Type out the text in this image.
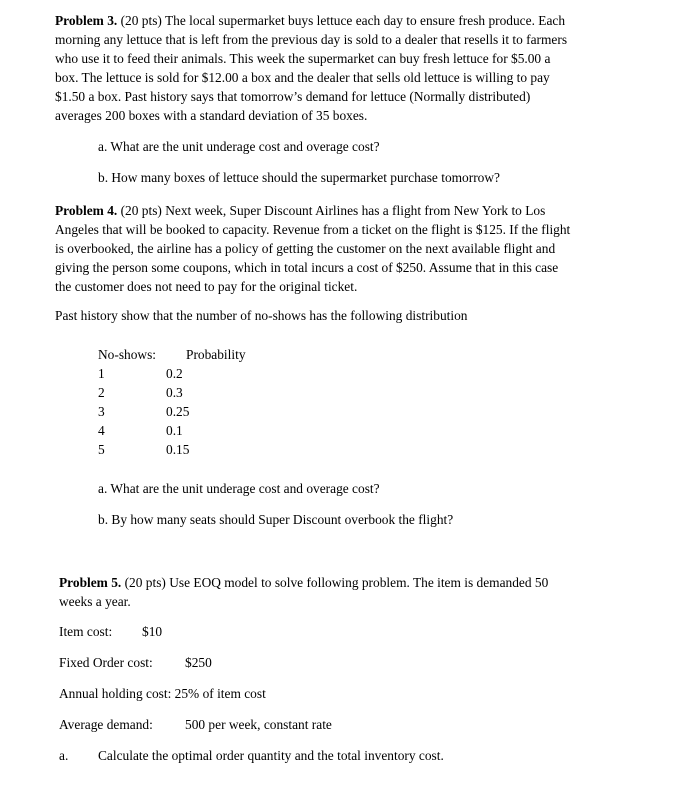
Problem 3. (20 pts) The local supermarket buys lettuce each day to ensure fresh produce. Each
morning any lettuce that is left from the previous day is sold to a dealer that resells it to farmers
who use it to feed their animals. This week the supermarket can buy fresh lettuce for $5.00 a
box. The lettuce is sold for $12.00 a box and the dealer that sells old lettuce is willing to pay
$1.50 a box. Past history says that tomorrow’s demand for lettuce (Normally distributed)
averages 200 boxes with a standard deviation of 35 boxes.
a. What are the unit underage cost and overage cost?
b. How many boxes of lettuce should the supermarket purchase tomorrow?
Problem 4. (20 pts) Next week, Super Discount Airlines has a flight from New York to Los
Angeles that will be booked to capacity. Revenue from a ticket on the flight is $125. If the flight
is overbooked, the airline has a policy of getting the customer on the next available flight and
giving the person some coupons, which in total incurs a cost of $250. Assume that in this case
the customer does not need to pay for the original ticket.
Past history show that the number of no-shows has the following distribution
No-shows: Probability
1	0.2
2	0.3
3	0.25
4	0.1
5	0.15
a. What are the unit underage cost and overage cost?
b. By how many seats should Super Discount overbook the flight?
Problem 5. (20 pts) Use EOQ model to solve following problem. The item is demanded 50
weeks a year.
Item cost: $10
Fixed Order cost: $250
Annual holding cost: 25% of item cost
Average demand: 500 per week, constant rate
a. Calculate the optimal order quantity and the total inventory cost.
